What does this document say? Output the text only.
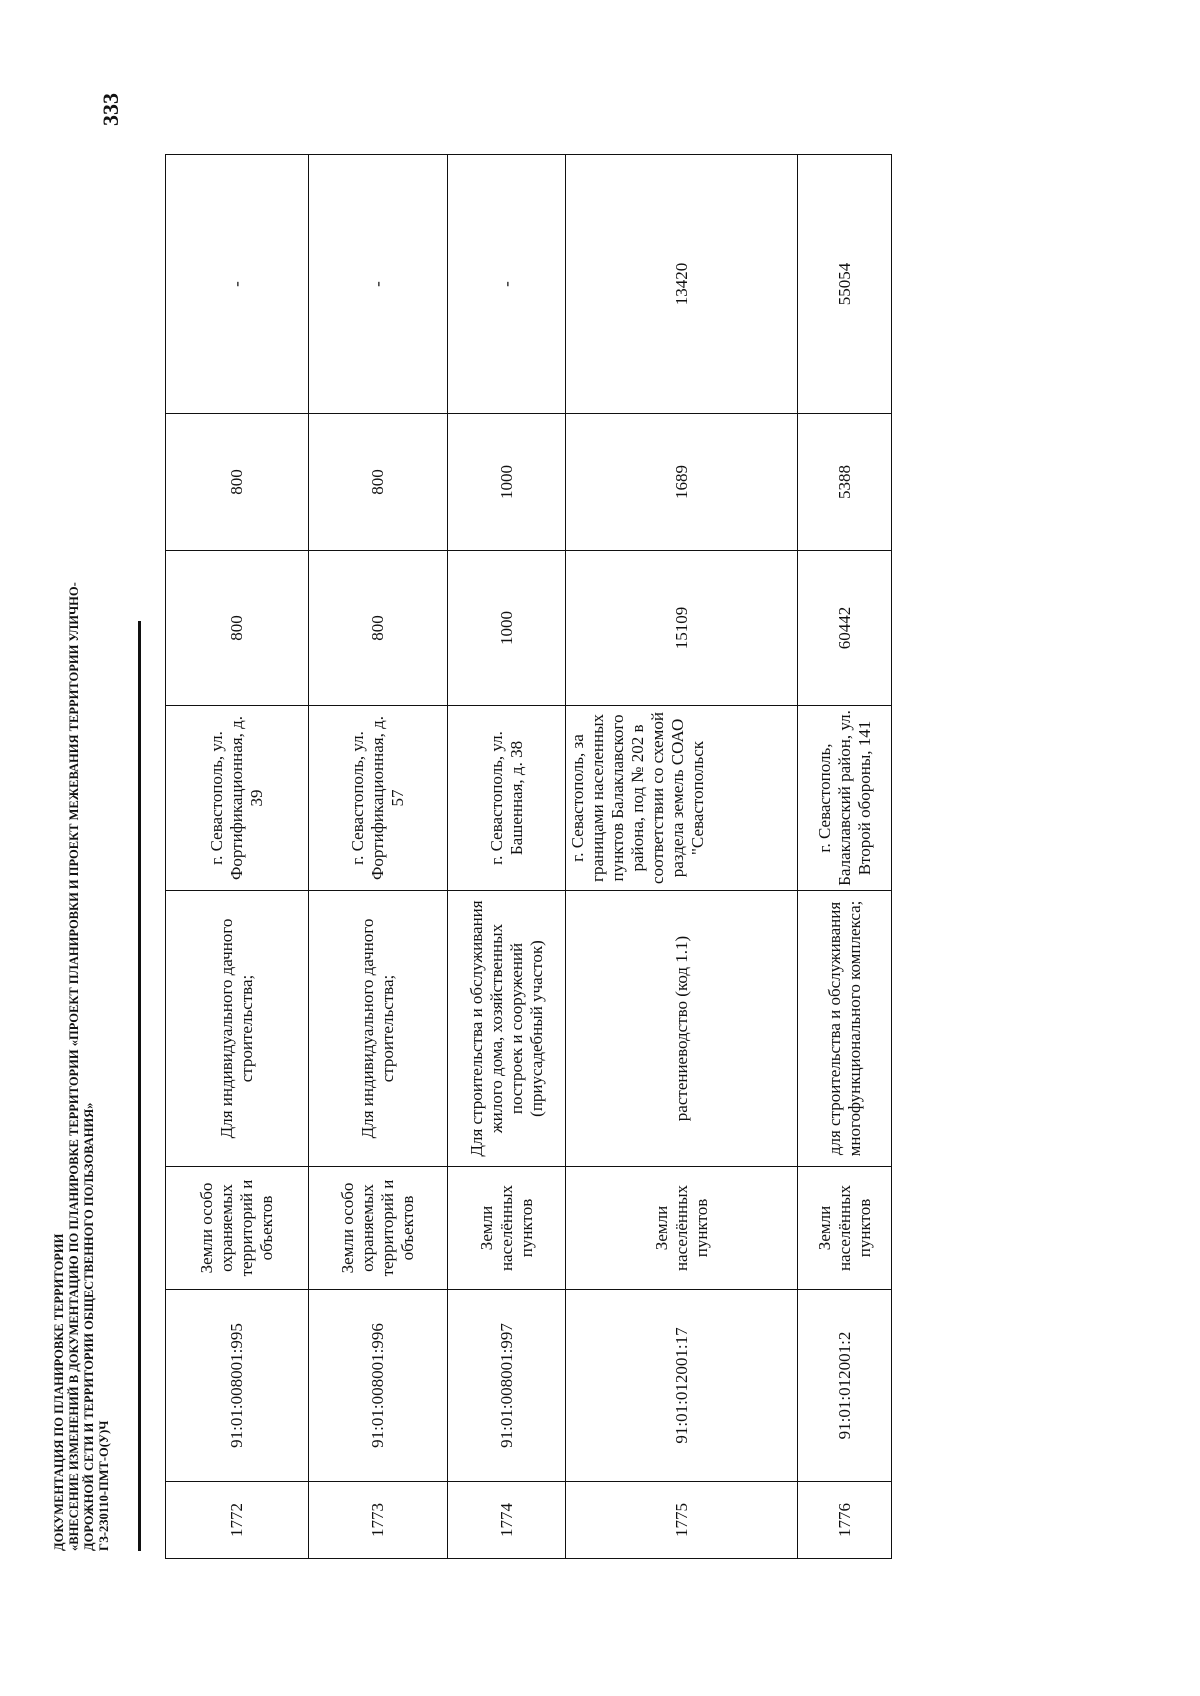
333
ДОКУМЕНТАЦИЯ ПО ПЛАНИРОВКЕ ТЕРРИТОРИИ «ВНЕСЕНИЕ ИЗМЕНЕНИЙ В ДОКУМЕНТАЦИЮ ПО ПЛАНИРОВКЕ ТЕРРИТОРИИ «ПРОЕКТ ПЛАНИРОВКИ И ПРОЕКТ МЕЖЕВАНИЯ ТЕРРИТОРИИ УЛИЧНО- ДОРОЖНОЙ СЕТИ И ТЕРРИТОРИИ ОБЩЕСТВЕННОГО ПОЛЬЗОВАНИЯ» ГЗ-230110-ПМТ-О(У)Ч	1772	91:01:008001:995	Земли особо охраняемых территорий и объектов	Для индивидуального дачного строительства;	г. Севастополь, ул. Фортификационная, д. 39	800	800	-
1773	91:01:008001:996	Земли особо охраняемых территорий и объектов	Для индивидуального дачного строительства;	г. Севастополь, ул. Фортификационная, д. 57	800	800	-
1774	91:01:008001:997	Земли населённых пунктов	Для строительства и обслуживания жилого дома, хозяйственных построек и сооружений (приусадебный участок)	г. Севастополь, ул. Башенная, д. 38	1000	1000	-
1775	91:01:012001:17	Земли населённых пунктов	растениеводство (код 1.1)	г. Севастополь, за границами населенных пунктов Балаклавского района, под № 202 в соответствии со схемой раздела земель СОАО "Севастопольск	15109	1689	13420
1776	91:01:012001:2	Земли населённых пунктов	для строительства и обслуживания многофункционального комплекса;	г. Севастополь, Балаклавский район, ул. Второй обороны, 141	60442	5388	55054
